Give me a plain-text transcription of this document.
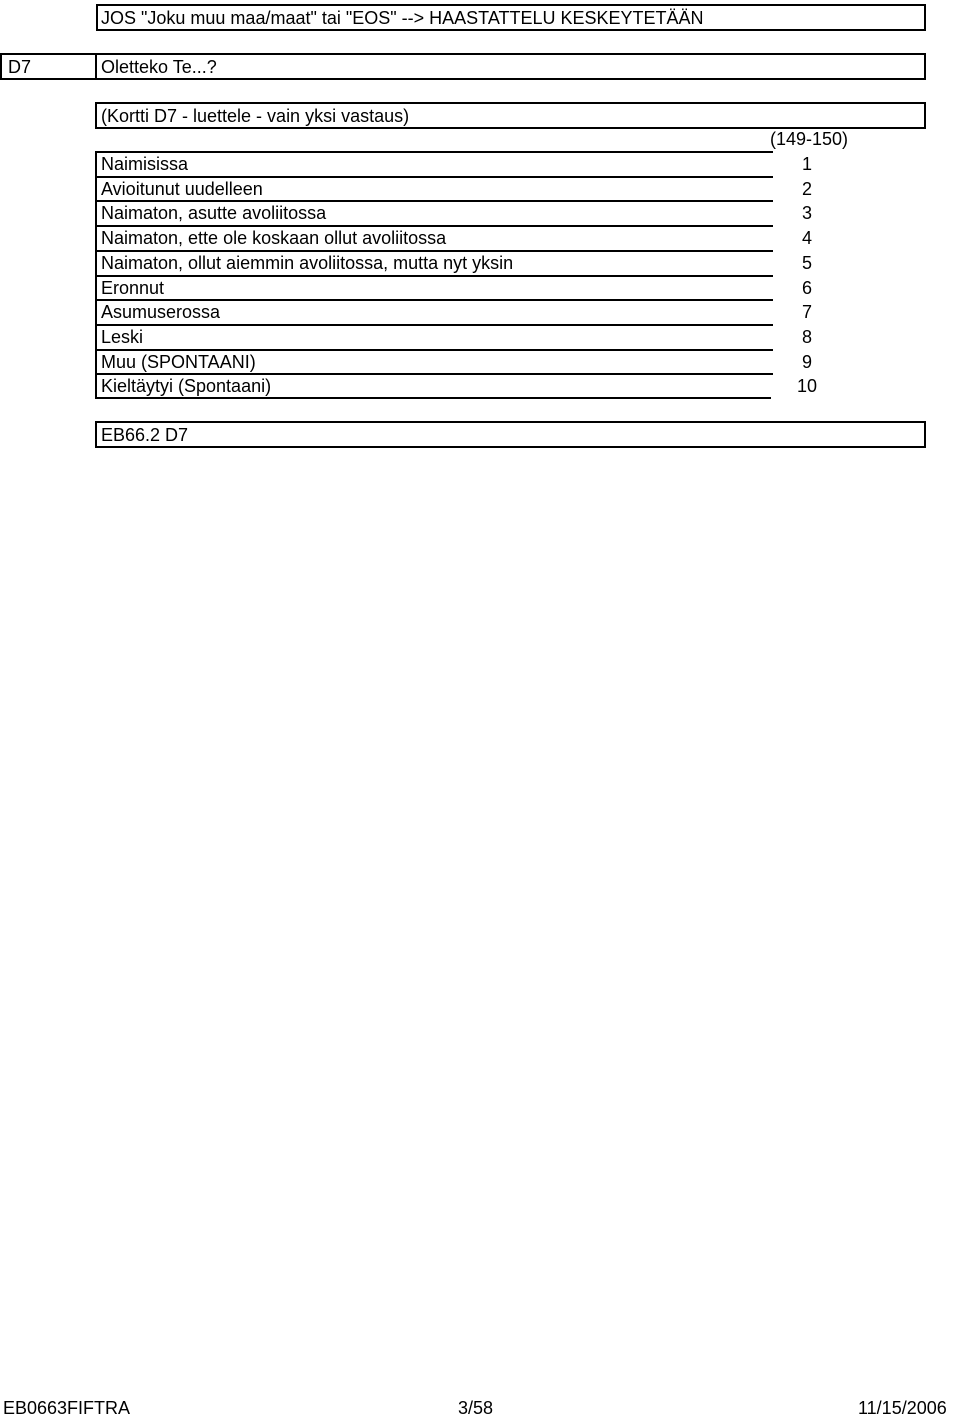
JOS "Joku muu maa/maat" tai "EOS" --> HAASTATTELU KESKEYTETÄÄN
D7	Oletteko Te...?
(Kortti D7 - luettele - vain yksi vastaus)
(149-150)
Naimisissa	1
Avioitunut uudelleen	2
Naimaton, asutte avoliitossa	3
Naimaton, ette ole koskaan ollut avoliitossa	4
Naimaton, ollut aiemmin avoliitossa, mutta nyt yksin	5
Eronnut	6
Asumuserossa	7
Leski	8
Muu (SPONTAANI)	9
Kieltäytyi (Spontaani)	10
EB66.2 D7
EB0663FIFTRA	3/58	11/15/2006
